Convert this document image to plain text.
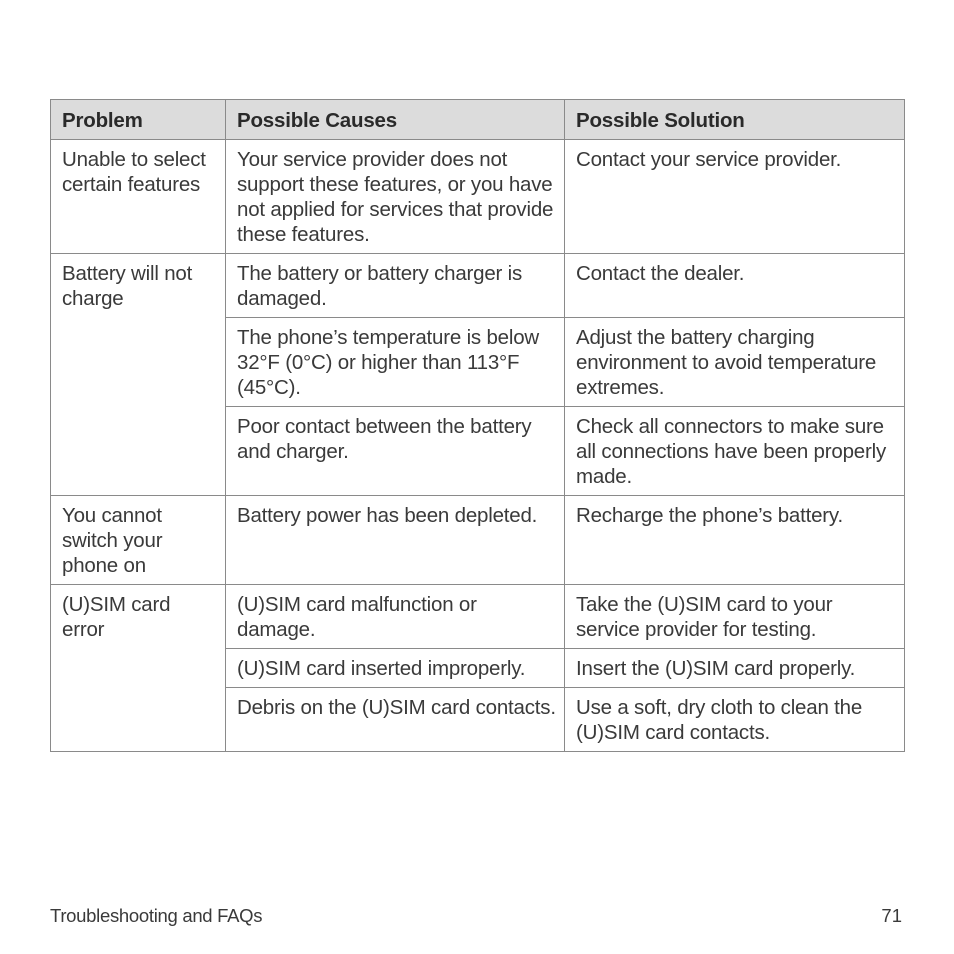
Problem	Possible Causes	Possible Solution
Unable to select certain features	Your service provider does not support these features, or you have not applied for services that provide these features.	Contact your service provider.
Battery will not charge	The battery or battery charger is damaged.	Contact the dealer.
	The phone’s temperature is below 32°F (0°C) or higher than 113°F (45°C).	Adjust the battery charging environment to avoid temperature extremes.
	Poor contact between the battery and charger.	Check all connectors to make sure all connections have been properly made.
You cannot switch your phone on	Battery power has been depleted.	Recharge the phone’s battery.
(U)SIM card error	(U)SIM card malfunction or damage.	Take the (U)SIM card to your service provider for testing.
	(U)SIM card inserted improperly.	Insert the (U)SIM card properly.
	Debris on the (U)SIM card contacts.	Use a soft, dry cloth to clean the (U)SIM card contacts.
Troubleshooting and FAQs	71
